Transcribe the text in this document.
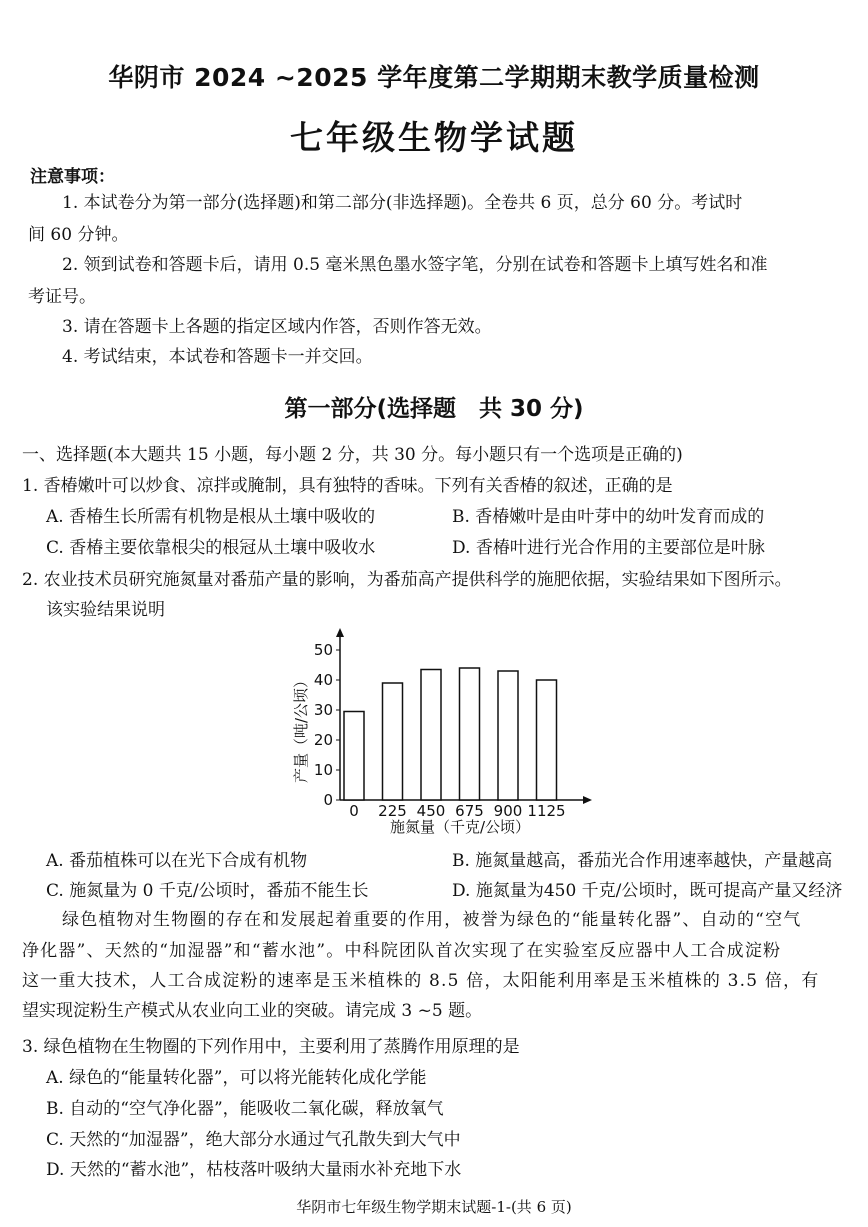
华阴市 2024 ~2025 学年度第二学期期末教学质量检测
七年级生物学试题
注意事项：
1. 本试卷分为第一部分(选择题)和第二部分(非选择题)。全卷共 6 页，总分 60 分。考试时
间 60 分钟。
2. 领到试卷和答题卡后，请用 0.5 毫米黑色墨水签字笔，分别在试卷和答题卡上填写姓名和准
考证号。
3. 请在答题卡上各题的指定区域内作答，否则作答无效。
4. 考试结束，本试卷和答题卡一并交回。
第一部分(选择题　共 30 分)
一、选择题(本大题共 15 小题，每小题 2 分，共 30 分。每小题只有一个选项是正确的)
1. 香椿嫩叶可以炒食、凉拌或腌制，具有独特的香味。下列有关香椿的叙述，正确的是
A. 香椿生长所需有机物是根从土壤中吸收的	B. 香椿嫩叶是由叶芽中的幼叶发育而成的
C. 香椿主要依靠根尖的根冠从土壤中吸收水	D. 香椿叶进行光合作用的主要部位是叶脉
2. 农业技术员研究施氮量对番茄产量的影响，为番茄高产提供科学的施肥依据，实验结果如下图所示。
该实验结果说明
0
10
20
30
40
50
0 225 450 675 900 1125
产量（吨/公顷）
施氮量（千克/公顷）
A. 番茄植株可以在光下合成有机物	B. 施氮量越高，番茄光合作用速率越快，产量越高
C. 施氮量为 0 千克/公顷时，番茄不能生长	D. 施氮量为450 千克/公顷时，既可提高产量又经济
绿色植物对生物圈的存在和发展起着重要的作用，被誉为绿色的“能量转化器”、自动的“空气
净化器”、天然的“加湿器”和“蓄水池”。中科院团队首次实现了在实验室反应器中人工合成淀粉
这一重大技术，人工合成淀粉的速率是玉米植株的 8.5 倍，太阳能利用率是玉米植株的 3.5 倍，有
望实现淀粉生产模式从农业向工业的突破。请完成 3 ~5 题。
3. 绿色植物在生物圈的下列作用中，主要利用了蒸腾作用原理的是
A. 绿色的“能量转化器”，可以将光能转化成化学能
B. 自动的“空气净化器”，能吸收二氧化碳，释放氧气
C. 天然的“加湿器”，绝大部分水通过气孔散失到大气中
D. 天然的“蓄水池”，枯枝落叶吸纳大量雨水补充地下水
华阴市七年级生物学期末试题-1-(共 6 页)
